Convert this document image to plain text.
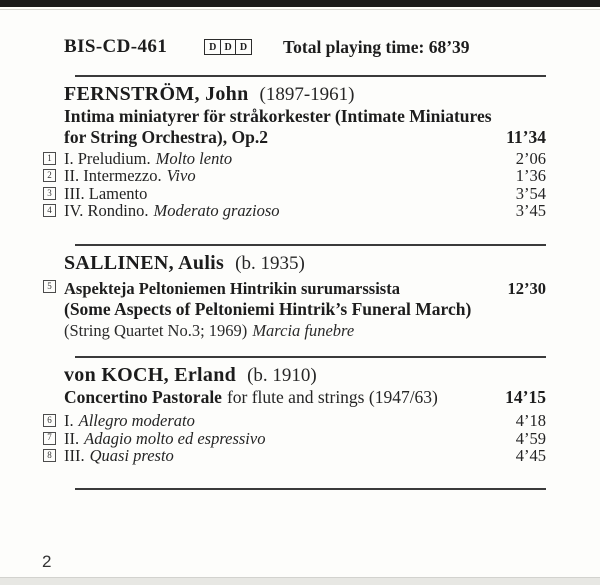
BIS-CD-461	D D D Total playing time: 68’39
FERNSTRÖM, John (1897-1961)
Intima miniatyrer för stråkorkester (Intimate Miniatures
for String Orchestra), Op.2	11’34
1 I. Preludium. Molto lento	2’06
2 II. Intermezzo. Vivo	1’36
3 III. Lamento	3’54
4 IV. Rondino. Moderato grazioso	3’45
SALLINEN, Aulis (b. 1935)
5 Aspekteja Peltoniemen Hintrikin surumarssista	12’30
(Some Aspects of Peltoniemi Hintrik’s Funeral March)
(String Quartet No.3; 1969) Marcia funebre
von KOCH, Erland (b. 1910)
Concertino Pastorale for flute and strings (1947/63)	14’15
6 I. Allegro moderato	4’18
7 II. Adagio molto ed espressivo	4’59
8 III. Quasi presto	4’45
2
